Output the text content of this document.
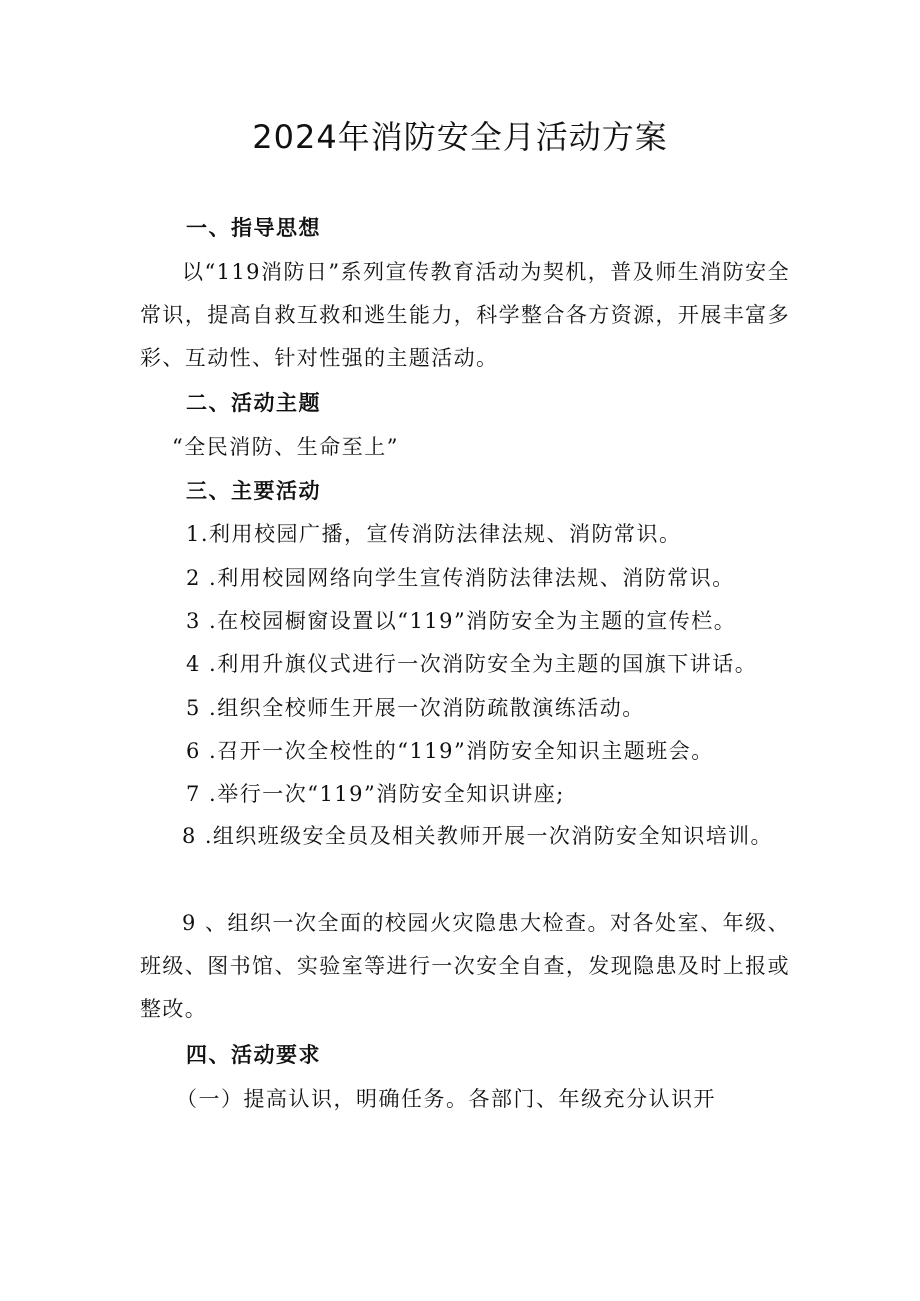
2024年消防安全月活动方案
一、指导思想
以“119消防日”系列宣传教育活动为契机，普及师生消防安全常识，提高自救互救和逃生能力，科学整合各方资源，开展丰富多彩、互动性、针对性强的主题活动。
二、活动主题
“全民消防、生命至上”
三、主要活动
1.利用校园广播，宣传消防法律法规、消防常识。
2 .利用校园网络向学生宣传消防法律法规、消防常识。
3 .在校园橱窗设置以“119”消防安全为主题的宣传栏。
4 .利用升旗仪式进行一次消防安全为主题的国旗下讲话。
5 .组织全校师生开展一次消防疏散演练活动。
6 .召开一次全校性的“119”消防安全知识主题班会。
7 .举行一次“119”消防安全知识讲座;
8 .组织班级安全员及相关教师开展一次消防安全知识培训。
9 、组织一次全面的校园火灾隐患大检查。对各处室、年级、班级、图书馆、实验室等进行一次安全自查，发现隐患及时上报或整改。
四、活动要求
（一）提高认识，明确任务。各部门、年级充分认识开
